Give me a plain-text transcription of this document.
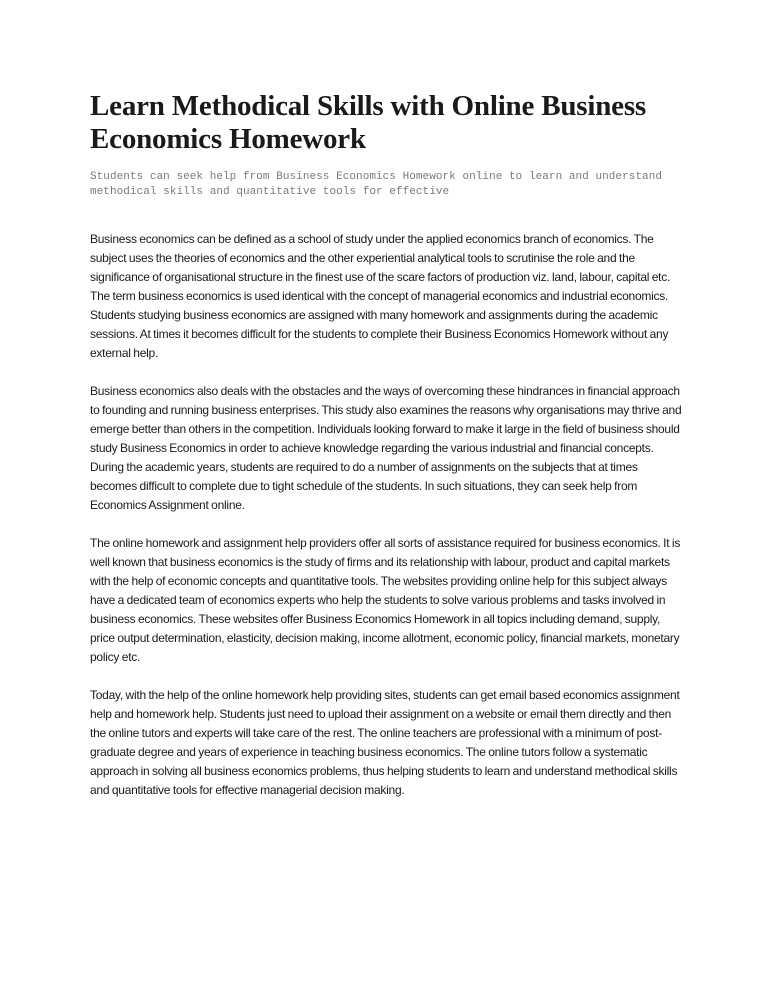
Learn Methodical Skills with Online Business Economics Homework

Students can seek help from Business Economics Homework online to learn and understand methodical skills and quantitative tools for effective

Business economics can be defined as a school of study under the applied economics branch of economics. The subject uses the theories of economics and the other experiential analytical tools to scrutinise the role and the significance of organisational structure in the finest use of the scare factors of production viz. land, labour, capital etc. The term business economics is used identical with the concept of managerial economics and industrial economics. Students studying business economics are assigned with many homework and assignments during the academic sessions. At times it becomes difficult for the students to complete their Business Economics Homework without any external help.

Business economics also deals with the obstacles and the ways of overcoming these hindrances in financial approach to founding and running business enterprises. This study also examines the reasons why organisations may thrive and emerge better than others in the competition. Individuals looking forward to make it large in the field of business should study Business Economics in order to achieve knowledge regarding the various industrial and financial concepts. During the academic years, students are required to do a number of assignments on the subjects that at times becomes difficult to complete due to tight schedule of the students. In such situations, they can seek help from Economics Assignment online.

The online homework and assignment help providers offer all sorts of assistance required for business economics. It is well known that business economics is the study of firms and its relationship with labour, product and capital markets with the help of economic concepts and quantitative tools. The websites providing online help for this subject always have a dedicated team of economics experts who help the students to solve various problems and tasks involved in business economics. These websites offer Business Economics Homework in all topics including demand, supply, price output determination, elasticity, decision making, income allotment, economic policy, financial markets, monetary policy etc.

Today, with the help of the online homework help providing sites, students can get email based economics assignment help and homework help. Students just need to upload their assignment on a website or email them directly and then the online tutors and experts will take care of the rest. The online teachers are professional with a minimum of post-graduate degree and years of experience in teaching business economics. The online tutors follow a systematic approach in solving all business economics problems, thus helping students to learn and understand methodical skills and quantitative tools for effective managerial decision making.
